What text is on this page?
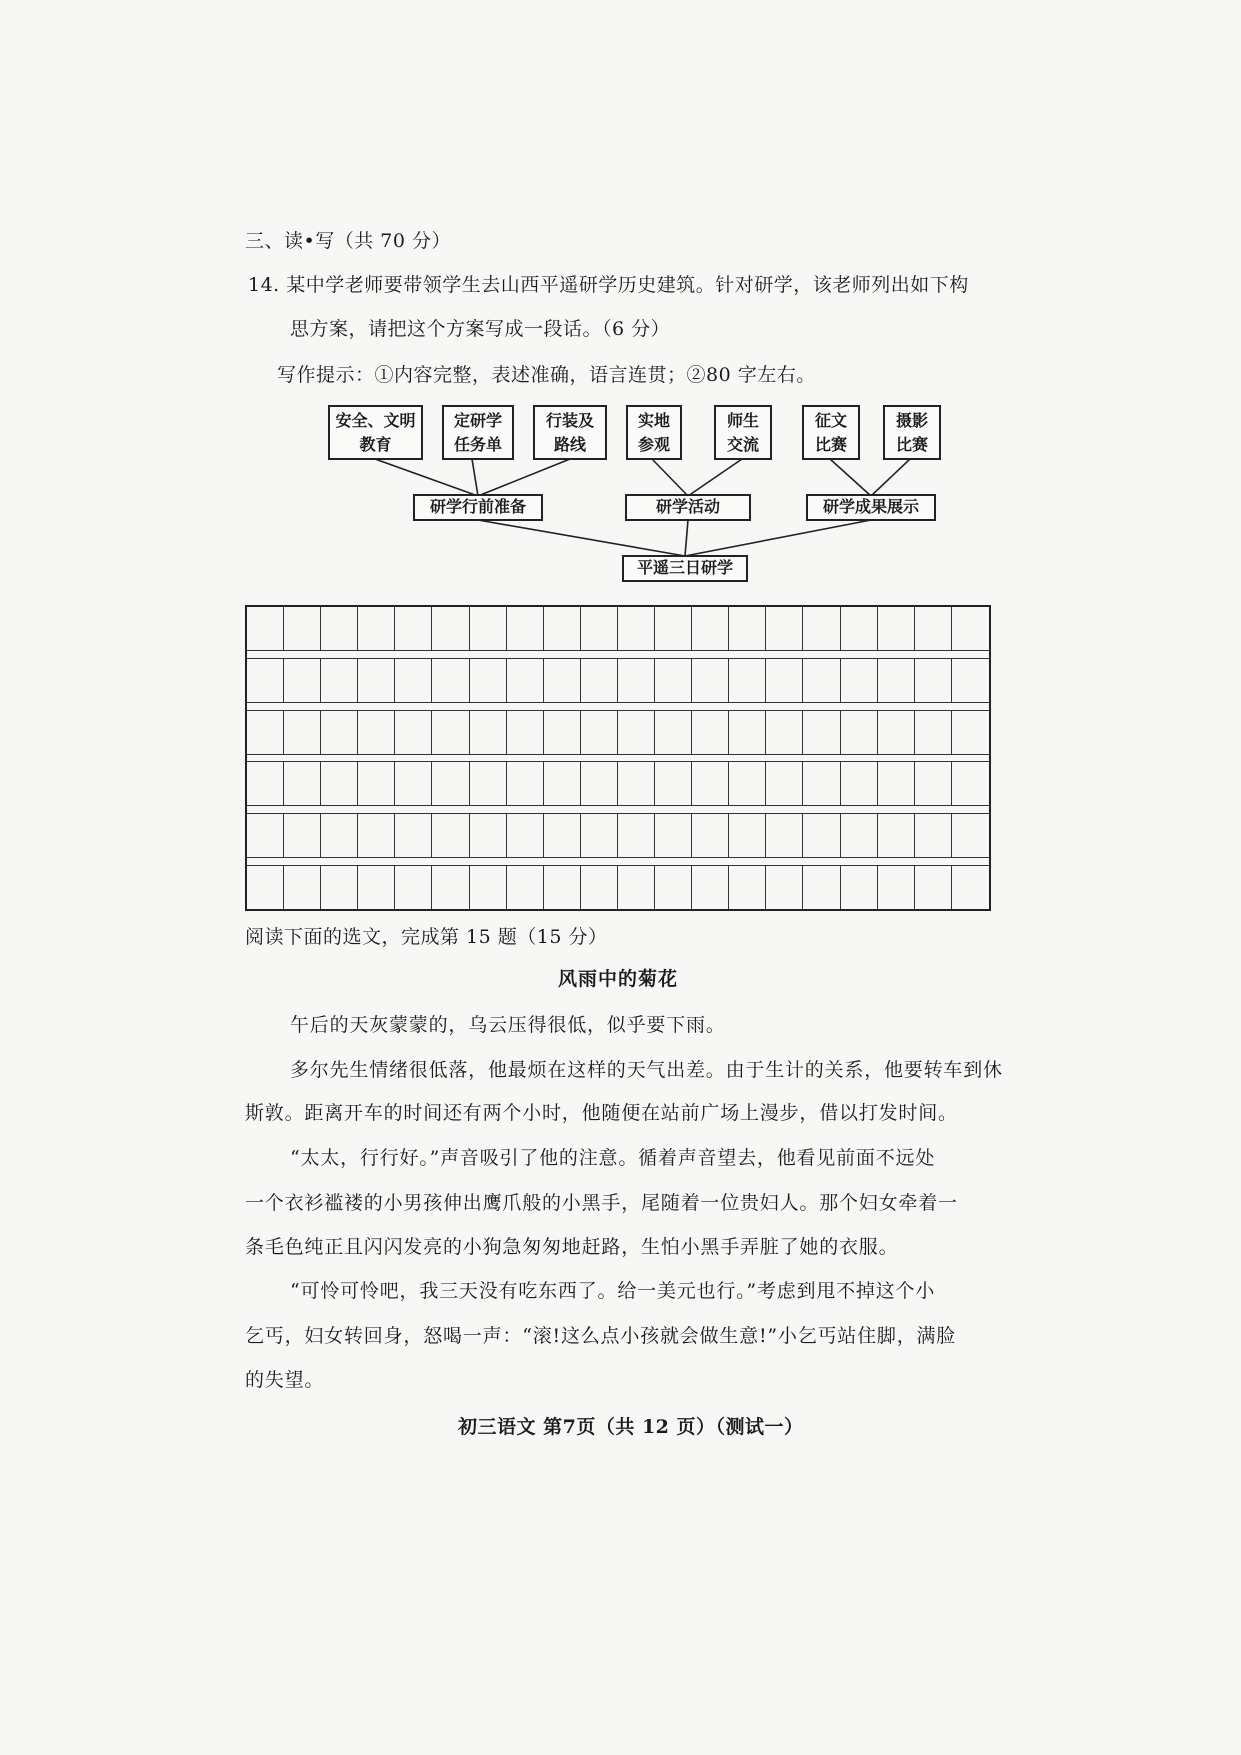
三、读•写（共 70 分）
14. 某中学老师要带领学生去山西平遥研学历史建筑。针对研学，该老师列出如下构
思方案，请把这个方案写成一段话。（6 分）
写作提示：①内容完整，表述准确，语言连贯；②80 字左右。
安全、文明
教育
定研学
任务单
行装及
路线
实地
参观
师生
交流
征文
比赛
摄影
比赛
研学行前准备	研学活动	研学成果展示
平遥三日研学
阅读下面的选文，完成第 15 题（15 分）
风雨中的菊花
午后的天灰蒙蒙的，乌云压得很低，似乎要下雨。
多尔先生情绪很低落，他最烦在这样的天气出差。由于生计的关系，他要转车到休
斯敦。距离开车的时间还有两个小时，他随便在站前广场上漫步，借以打发时间。
“太太，行行好。”声音吸引了他的注意。循着声音望去，他看见前面不远处
一个衣衫褴褛的小男孩伸出鹰爪般的小黑手，尾随着一位贵妇人。那个妇女牵着一
条毛色纯正且闪闪发亮的小狗急匆匆地赶路，生怕小黑手弄脏了她的衣服。
“可怜可怜吧，我三天没有吃东西了。给一美元也行。”考虑到甩不掉这个小
乞丐，妇女转回身，怒喝一声：“滚!这么点小孩就会做生意!”小乞丐站住脚，满脸
的失望。
初三语文 第7页（共 12 页）（测试一）
